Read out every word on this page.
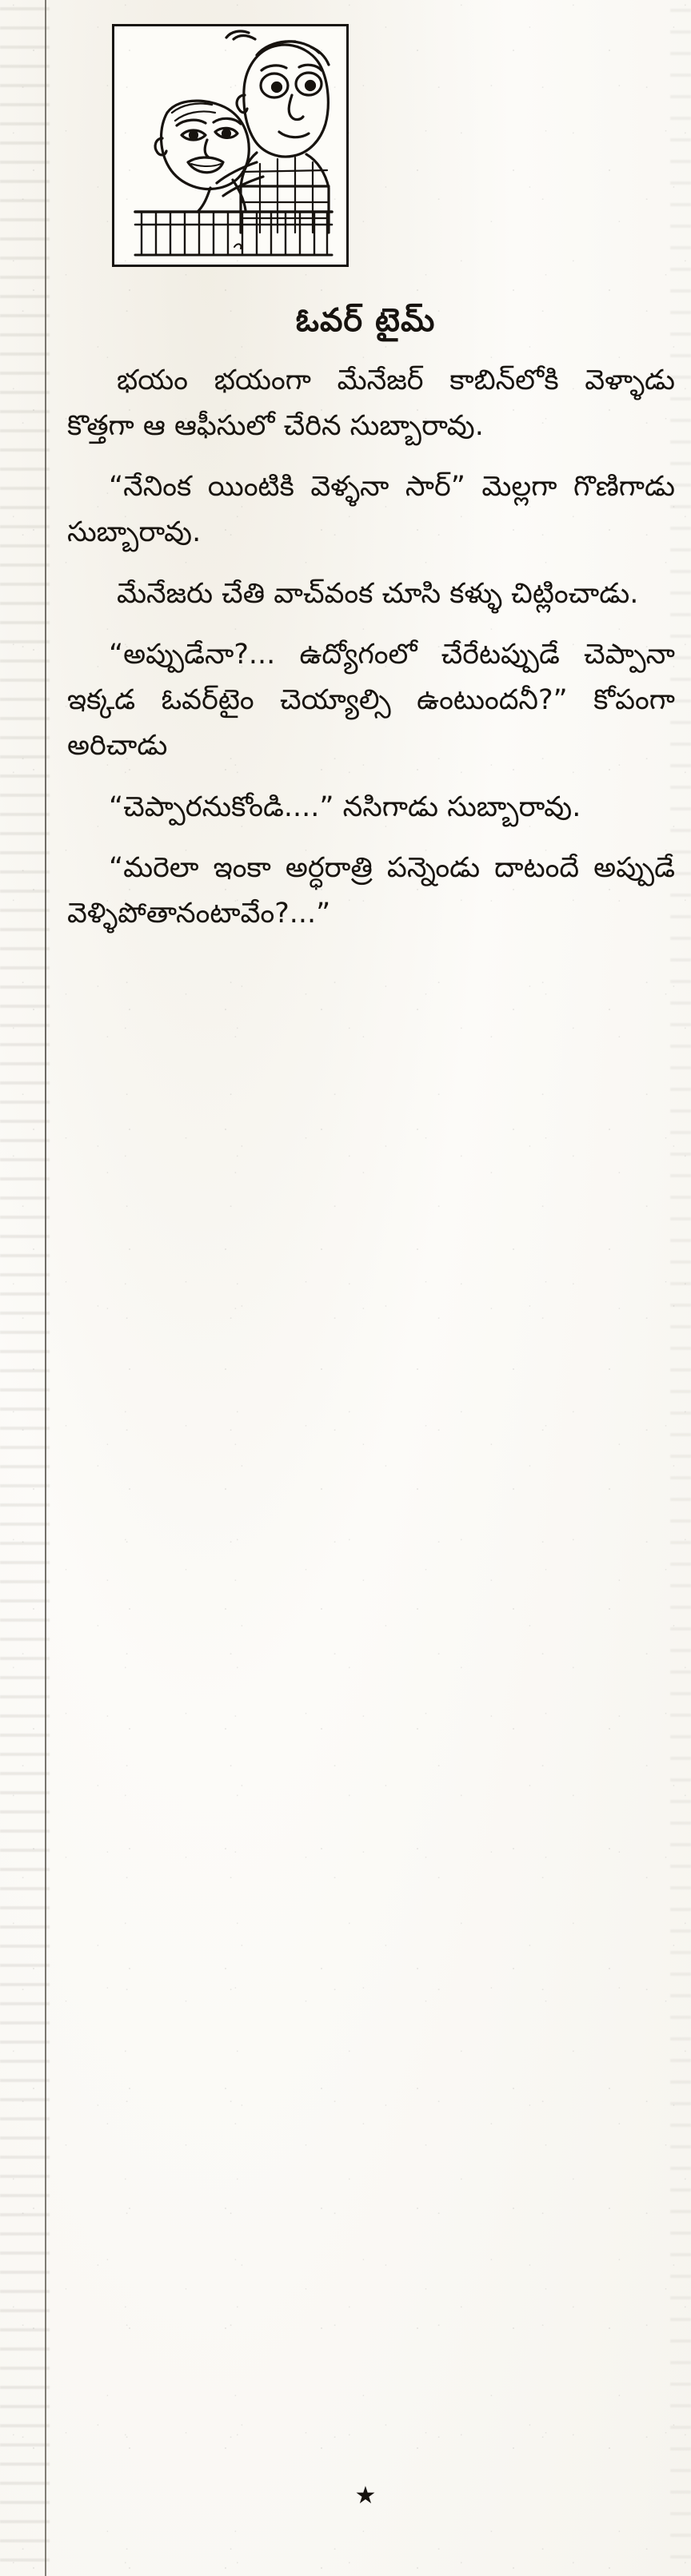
ఓవర్ టైమ్

భయం భయంగా మేనేజర్ కాబిన్‌లోకి వెళ్ళాడు కొత్తగా ఆ ఆఫీసులో చేరిన సుబ్బారావు.

“నేనింక యింటికి వెళ్ళనా సార్” మెల్లగా గొణిగాడు సుబ్బారావు.

మేనేజరు చేతి వాచ్‌వంక చూసి కళ్ళు చిట్లించాడు.

“అప్పుడేనా?... ఉద్యోగంలో చేరేటప్పుడే చెప్పానా ఇక్కడ ఓవర్‌టైం చెయ్యాల్సి ఉంటుందనీ?” కోపంగా అరిచాడు

“చెప్పారనుకోండి....” నసిగాడు సుబ్బారావు.

“మరెలా ఇంకా అర్ధరాత్రి పన్నెండు దాటందే అప్పుడే వెళ్ళిపోతానంటావేం?...”

★
